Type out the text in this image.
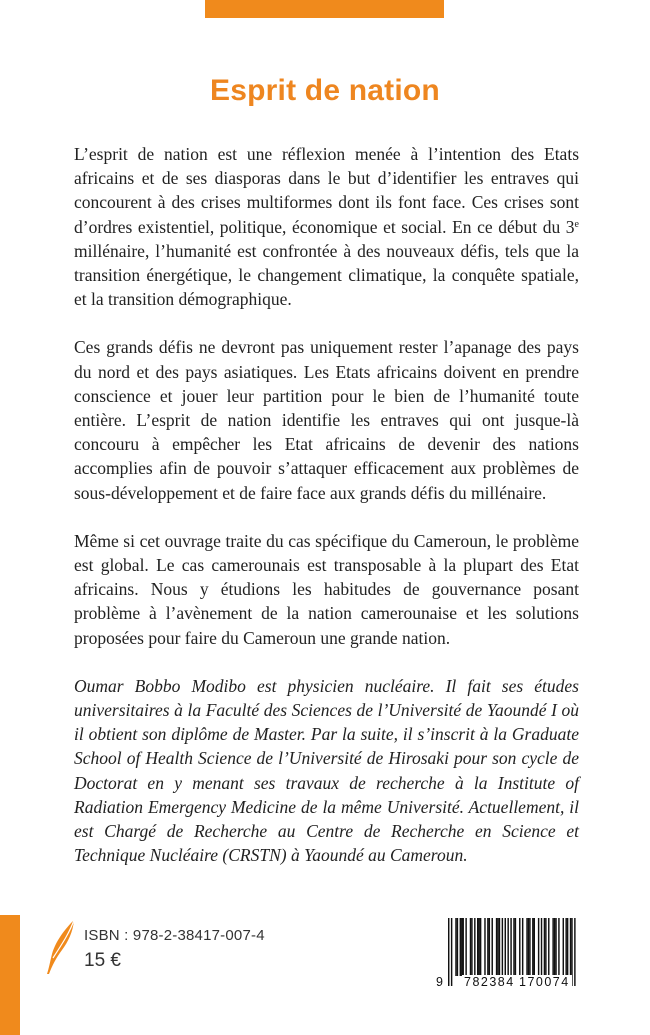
Esprit de nation

L’esprit de nation est une réflexion menée à l’intention des Etats africains et de ses diasporas dans le but d’identifier les entraves qui concourent à des crises multiformes dont ils font face. Ces crises sont d’ordres existentiel, politique, économique et social. En ce début du 3e millénaire, l’humanité est confrontée à des nouveaux défis, tels que la transition énergétique, le changement climatique, la conquête spatiale, et la transition démographique.

Ces grands défis ne devront pas uniquement rester l’apanage des pays du nord et des pays asiatiques. Les Etats africains doivent en prendre conscience et jouer leur partition pour le bien de l’humanité toute entière. L’esprit de nation identifie les entraves qui ont jusque-là concouru à empêcher les Etat africains de devenir des nations accomplies afin de pouvoir s’attaquer efficacement aux problèmes de sous-développement et de faire face aux grands défis du millénaire.

Même si cet ouvrage traite du cas spécifique du Cameroun, le problème est global. Le cas camerounais est transposable à la plupart des Etat africains. Nous y étudions les habitudes de gouvernance posant problème à l’avènement de la nation camerounaise et les solutions proposées pour faire du Cameroun une grande nation.

Oumar Bobbo Modibo est physicien nucléaire. Il fait ses études universitaires à la Faculté des Sciences de l’Université de Yaoundé I où il obtient son diplôme de Master. Par la suite, il s’inscrit à la Graduate School of Health Science de l’Université de Hirosaki pour son cycle de Doctorat en y menant ses travaux de recherche à la Institute of Radiation Emergency Medicine de la même Université. Actuellement, il est Chargé de Recherche au Centre de Recherche en Science et Technique Nucléaire (CRSTN) à Yaoundé au Cameroun.

ISBN : 978-2-38417-007-4
15 €
9 782384 170074
